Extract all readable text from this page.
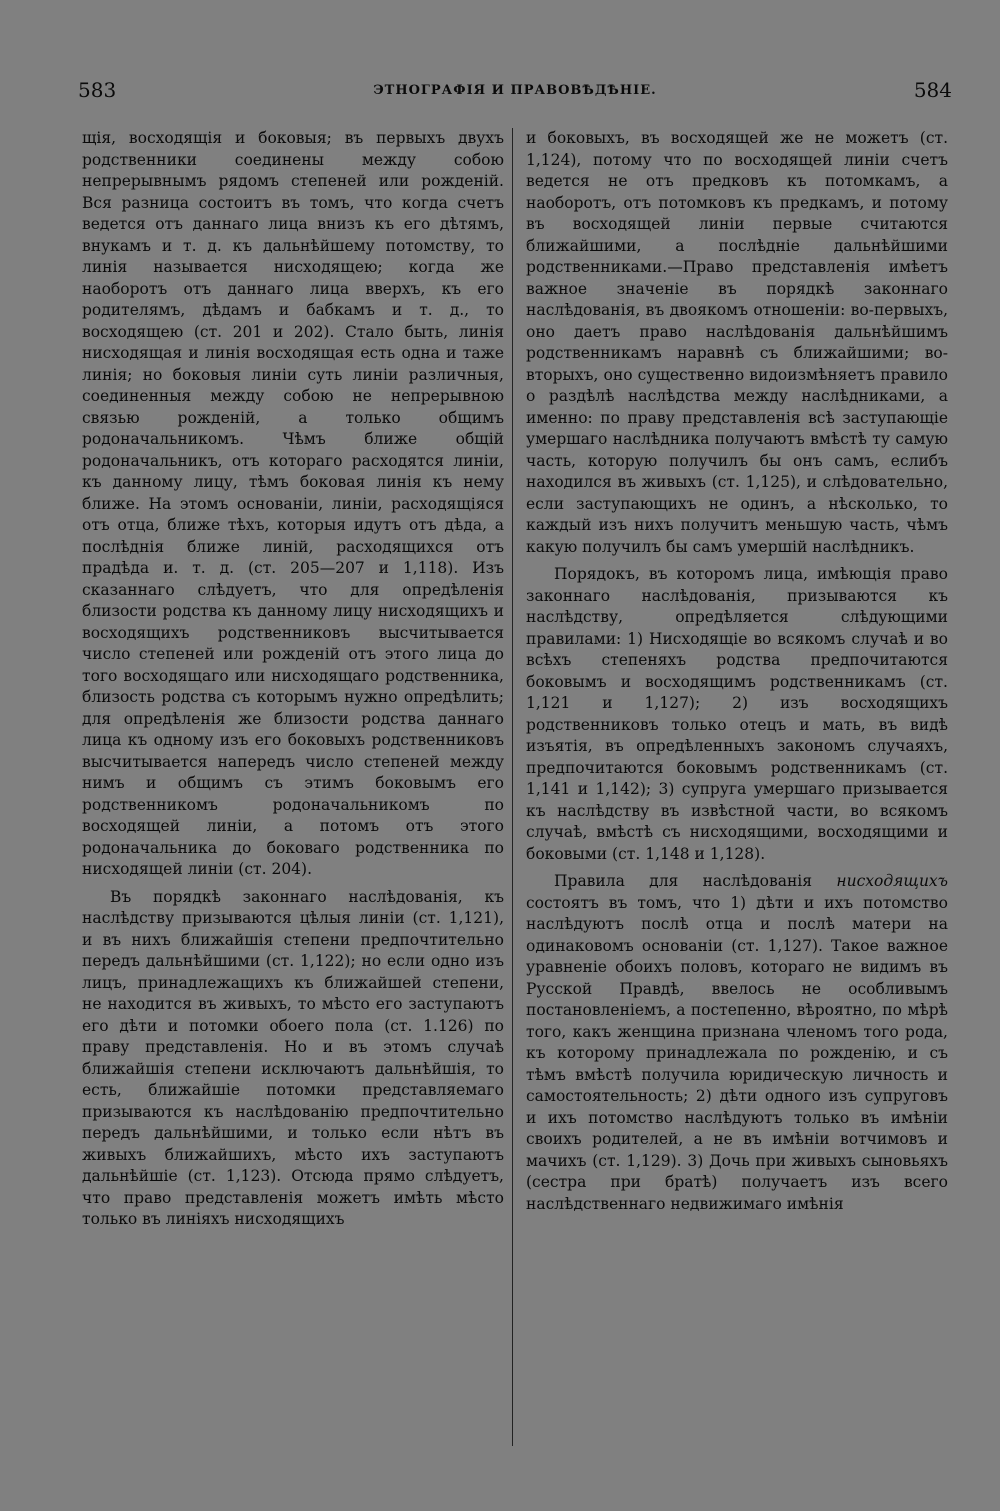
583	ЭТНОГРАФІЯ И ПРАВОВѢДѢНІЕ.	584

щія, восходящія и боковыя; въ первыхъ двухъ родственники соединены между собою непрерывнымъ рядомъ степеней или рожденій. Вся разница состоитъ въ томъ, что когда счетъ ведется отъ даннаго лица внизъ къ его дѣтямъ, внукамъ и т. д. къ дальнѣйшему потомству, то линія называется нисходящею; когда же наоборотъ отъ даннаго лица вверхъ, къ его родителямъ, дѣдамъ и бабкамъ и т. д., то восходящею (ст. 201 и 202). Стало быть, линія нисходящая и линія восходящая есть одна и таже линія; но боковыя линіи суть линіи различныя, соединенныя между собою не непрерывною связью рожденій, а только общимъ родоначальникомъ. Чѣмъ ближе общій родоначальникъ, отъ котораго расходятся линіи, къ данному лицу, тѣмъ боковая линія къ нему ближе. На этомъ основаніи, линіи, расходящіяся отъ отца, ближе тѣхъ, которыя идутъ отъ дѣда, а послѣднія ближе линій, расходящихся отъ прадѣда и. т. д. (ст. 205—207 и 1,118). Изъ сказаннаго слѣдуетъ, что для опредѣленія близости родства къ данному лицу нисходящихъ и восходящихъ родственниковъ высчитывается число степеней или рожденій отъ этого лица до того восходящаго или нисходящаго родственника, близость родства съ которымъ нужно опредѣлить; для опредѣленія же близости родства даннаго лица къ одному изъ его боковыхъ родственниковъ высчитывается напередъ число степеней между нимъ и общимъ съ этимъ боковымъ его родственникомъ родоначальникомъ по восходящей линіи, а потомъ отъ этого родоначальника до боковаго родственника по нисходящей линіи (ст. 204).

Въ порядкѣ законнаго наслѣдованія, къ наслѣдству призываются цѣлыя линіи (ст. 1,121), и въ нихъ ближайшія степени предпочтительно передъ дальнѣйшими (ст. 1,122); но если одно изъ лицъ, принадлежащихъ къ ближайшей степени, не находится въ живыхъ, то мѣсто его заступаютъ его дѣти и потомки обоего пола (ст. 1.126) по праву представленія. Но и въ этомъ случаѣ ближайшія степени исключаютъ дальнѣйшія, то есть, ближайшіе потомки представляемаго призываются къ наслѣдованію предпочтительно передъ дальнѣйшими, и только если нѣтъ въ живыхъ ближайшихъ, мѣсто ихъ заступаютъ дальнѣйшіе (ст. 1,123). Отсюда прямо слѣдуетъ, что право представленія можетъ имѣть мѣсто только въ линіяхъ нисходящихъ

и боковыхъ, въ восходящей же не можетъ (ст. 1,124), потому что по восходящей линіи счетъ ведется не отъ предковъ къ потомкамъ, а наоборотъ, отъ потомковъ къ предкамъ, и потому въ восходящей линіи первые считаются ближайшими, а послѣдніе дальнѣйшими родственниками.—Право представленія имѣетъ важное значеніе въ порядкѣ законнаго наслѣдованія, въ двоякомъ отношеніи: во-первыхъ, оно даетъ право наслѣдованія дальнѣйшимъ родственникамъ наравнѣ съ ближайшими; во-вторыхъ, оно существенно видоизмѣняетъ правило о раздѣлѣ наслѣдства между наслѣдниками, а именно: по праву представленія всѣ заступающіе умершаго наслѣдника получаютъ вмѣстѣ ту самую часть, которую получилъ бы онъ самъ, еслибъ находился въ живыхъ (ст. 1,125), и слѣдовательно, если заступающихъ не одинъ, а нѣсколько, то каждый изъ нихъ получитъ меньшую часть, чѣмъ какую получилъ бы самъ умершій наслѣдникъ.

Порядокъ, въ которомъ лица, имѣющія право законнаго наслѣдованія, призываются къ наслѣдству, опредѣляется слѣдующими правилами: 1) Нисходящіе во всякомъ случаѣ и во всѣхъ степеняхъ родства предпочитаются боковымъ и восходящимъ родственникамъ (ст. 1,121 и 1,127); 2) изъ восходящихъ родственниковъ только отецъ и мать, въ видѣ изъятія, въ опредѣленныхъ закономъ случаяхъ, предпочитаются боковымъ родственникамъ (ст. 1,141 и 1,142); 3) супруга умершаго призывается къ наслѣдству въ извѣстной части, во всякомъ случаѣ, вмѣстѣ съ нисходящими, восходящими и боковыми (ст. 1,148 и 1,128).

Правила для наслѣдованія нисходящихъ состоятъ въ томъ, что 1) дѣти и ихъ потомство наслѣдуютъ послѣ отца и послѣ матери на одинаковомъ основаніи (ст. 1,127). Такое важное уравненіе обоихъ половъ, котораго не видимъ въ Русской Правдѣ, ввелось не особливымъ постановленіемъ, а постепенно, вѣроятно, по мѣрѣ того, какъ женщина признана членомъ того рода, къ которому принадлежала по рожденію, и съ тѣмъ вмѣстѣ получила юридическую личность и самостоятельность; 2) дѣти одного изъ супруговъ и ихъ потомство наслѣдуютъ только въ имѣніи своихъ родителей, а не въ имѣніи вотчимовъ и мачихъ (ст. 1,129). 3) Дочь при живыхъ сыновьяхъ (сестра при братѣ) получаетъ изъ всего наслѣдственнаго недвижимаго имѣнія
